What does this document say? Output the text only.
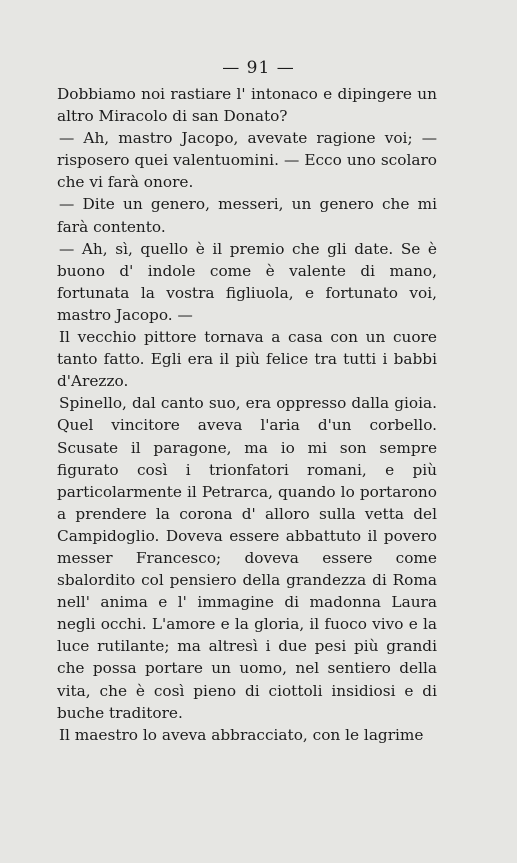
— 91 —

Dobbiamo noi rastiare l' intonaco e dipingere un altro Miracolo di san Donato?

— Ah, mastro Jacopo, avevate ragione voi; — risposero quei valentuomini. — Ecco uno scolaro che vi farà onore.

— Dite un genero, messeri, un genero che mi farà contento.

— Ah, sì, quello è il premio che gli date. Se è buono d' indole come è valente di mano, fortunata la vostra figliuola, e fortunato voi, mastro Jacopo. —

Il vecchio pittore tornava a casa con un cuore tanto fatto. Egli era il più felice tra tutti i babbi d'Arezzo.

Spinello, dal canto suo, era oppresso dalla gioia. Quel vincitore aveva l'aria d'un corbello. Scusate il paragone, ma io mi son sempre figurato così i trionfatori romani, e più particolarmente il Petrarca, quando lo portarono a prendere la corona d' alloro sulla vetta del Campidoglio. Doveva essere abbattuto il povero messer Francesco; doveva essere come sbalordito col pensiero della grandezza di Roma nell' anima e l' immagine di madonna Laura negli occhi. L'amore e la gloria, il fuoco vivo e la luce rutilante; ma altresì i due pesi più grandi che possa portare un uomo, nel sentiero della vita, che è così pieno di ciottoli insidiosi e di buche traditore.

Il maestro lo aveva abbracciato, con le lagrime
